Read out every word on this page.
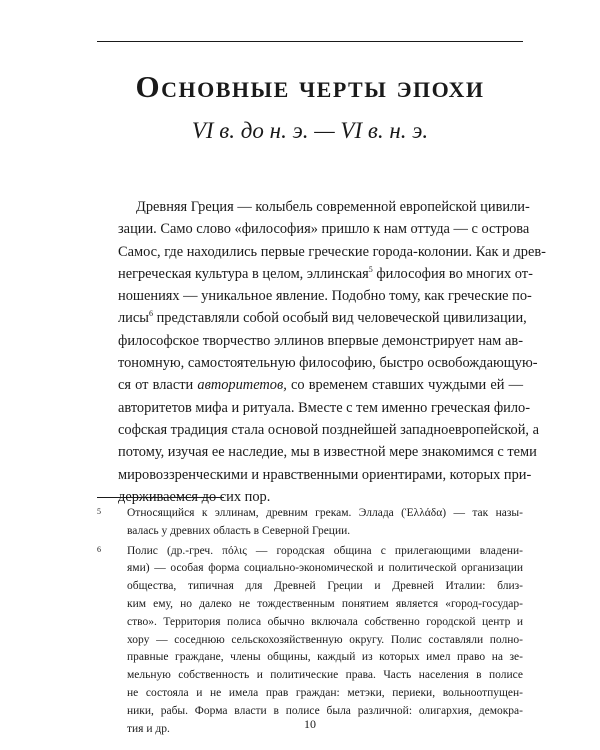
Основные черты эпохи
VI в. до н. э. — VI в. н. э.
Древняя Греция — колыбель современной европейской цивили-
зации. Само слово «философия» пришло к нам оттуда — с острова
Самос, где находились первые греческие города-колонии. Как и древ-
негреческая культура в целом, эллинская$^5$ философия во многих от-
ношениях — уникальное явление. Подобно тому, как греческие по-
лисы$^6$ представляли собой особый вид человеческой цивилизации,
философское творчество эллинов впервые демонстрирует нам ав-
тономную, самостоятельную философию, быстро освобождающую-
ся от власти авторитетов, со временем ставших чуждыми ей —
авторитетов мифа и ритуала. Вместе с тем именно греческая фило-
софская традиция стала основой позднейшей западноевропейской, а
потому, изучая ее наследие, мы в известной мере знакомимся с теми
мировоззренческими и нравственными ориентирами, которых при-
держиваемся до сих пор.
5 Относящийся к эллинам, древним грекам. Эллада (Ἑλλάδα) — так назы-
валась у древних область в Северной Греции.
6 Полис (др.-греч. πόλις — городская община с прилегающими владени-
ями) — особая форма социально-экономической и политической организации
общества, типичная для Древней Греции и Древней Италии: близ-
ким ему, но далеко не тождественным понятием является «город-государ-
ство». Территория полиса обычно включала собственно городской центр и
хору — соседнюю сельскохозяйственную округу. Полис составляли полно-
правные граждане, члены общины, каждый из которых имел право на зе-
мельную собственность и политические права. Часть населения в полисе
не состояла и не имела прав граждан: метэки, периеки, вольноотпущен-
ники, рабы. Форма власти в полисе была различной: олигархия, демокра-
тия и др.	10
